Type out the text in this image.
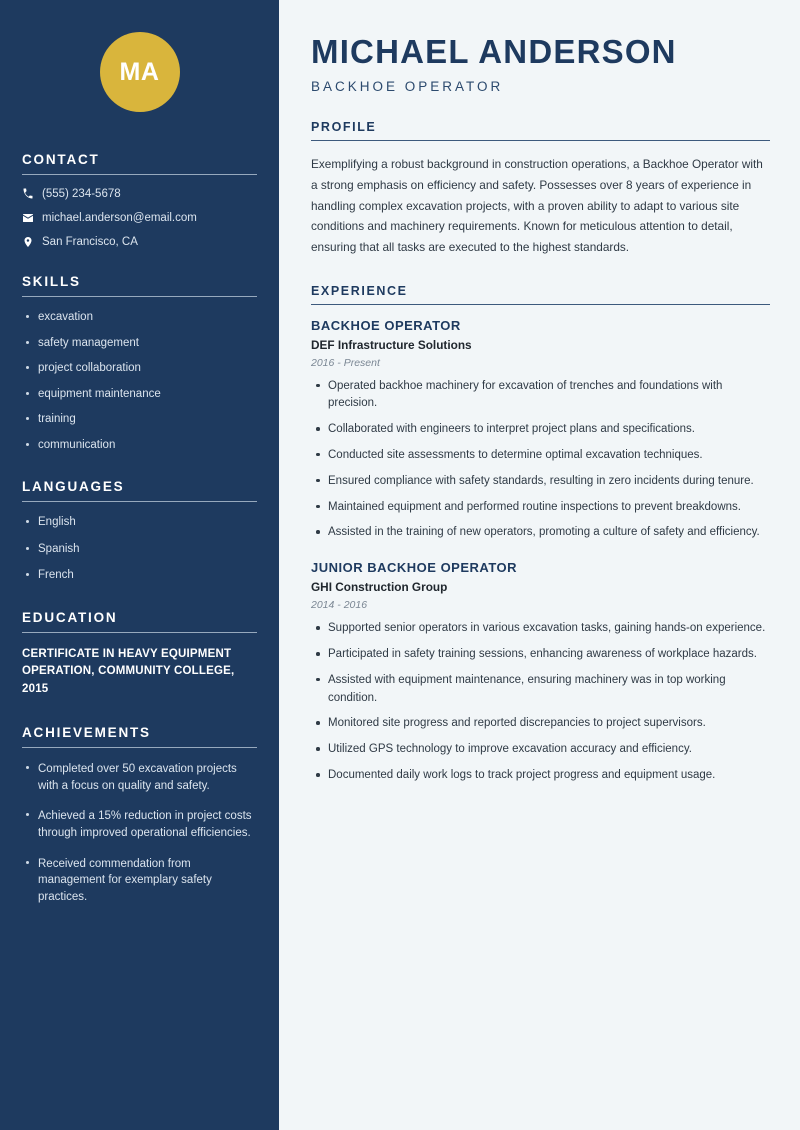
MA
CONTACT
(555) 234-5678
michael.anderson@email.com
San Francisco, CA
SKILLS
excavation
safety management
project collaboration
equipment maintenance
training
communication
LANGUAGES
English
Spanish
French
EDUCATION
CERTIFICATE IN HEAVY EQUIPMENT OPERATION, COMMUNITY COLLEGE, 2015
ACHIEVEMENTS
Completed over 50 excavation projects with a focus on quality and safety.
Achieved a 15% reduction in project costs through improved operational efficiencies.
Received commendation from management for exemplary safety practices.
MICHAEL ANDERSON
BACKHOE OPERATOR
PROFILE

Exemplifying a robust background in construction operations, a Backhoe Operator with a strong emphasis on efficiency and safety. Possesses over 8 years of experience in handling complex excavation projects, with a proven ability to adapt to various site conditions and machinery requirements. Known for meticulous attention to detail, ensuring that all tasks are executed to the highest standards.

EXPERIENCE
BACKHOE OPERATOR
DEF Infrastructure Solutions
2016 - Present
Operated backhoe machinery for excavation of trenches and foundations with precision.
Collaborated with engineers to interpret project plans and specifications.
Conducted site assessments to determine optimal excavation techniques.
Ensured compliance with safety standards, resulting in zero incidents during tenure.
Maintained equipment and performed routine inspections to prevent breakdowns.
Assisted in the training of new operators, promoting a culture of safety and efficiency.
JUNIOR BACKHOE OPERATOR
GHI Construction Group
2014 - 2016
Supported senior operators in various excavation tasks, gaining hands-on experience.
Participated in safety training sessions, enhancing awareness of workplace hazards.
Assisted with equipment maintenance, ensuring machinery was in top working condition.
Monitored site progress and reported discrepancies to project supervisors.
Utilized GPS technology to improve excavation accuracy and efficiency.
Documented daily work logs to track project progress and equipment usage.
